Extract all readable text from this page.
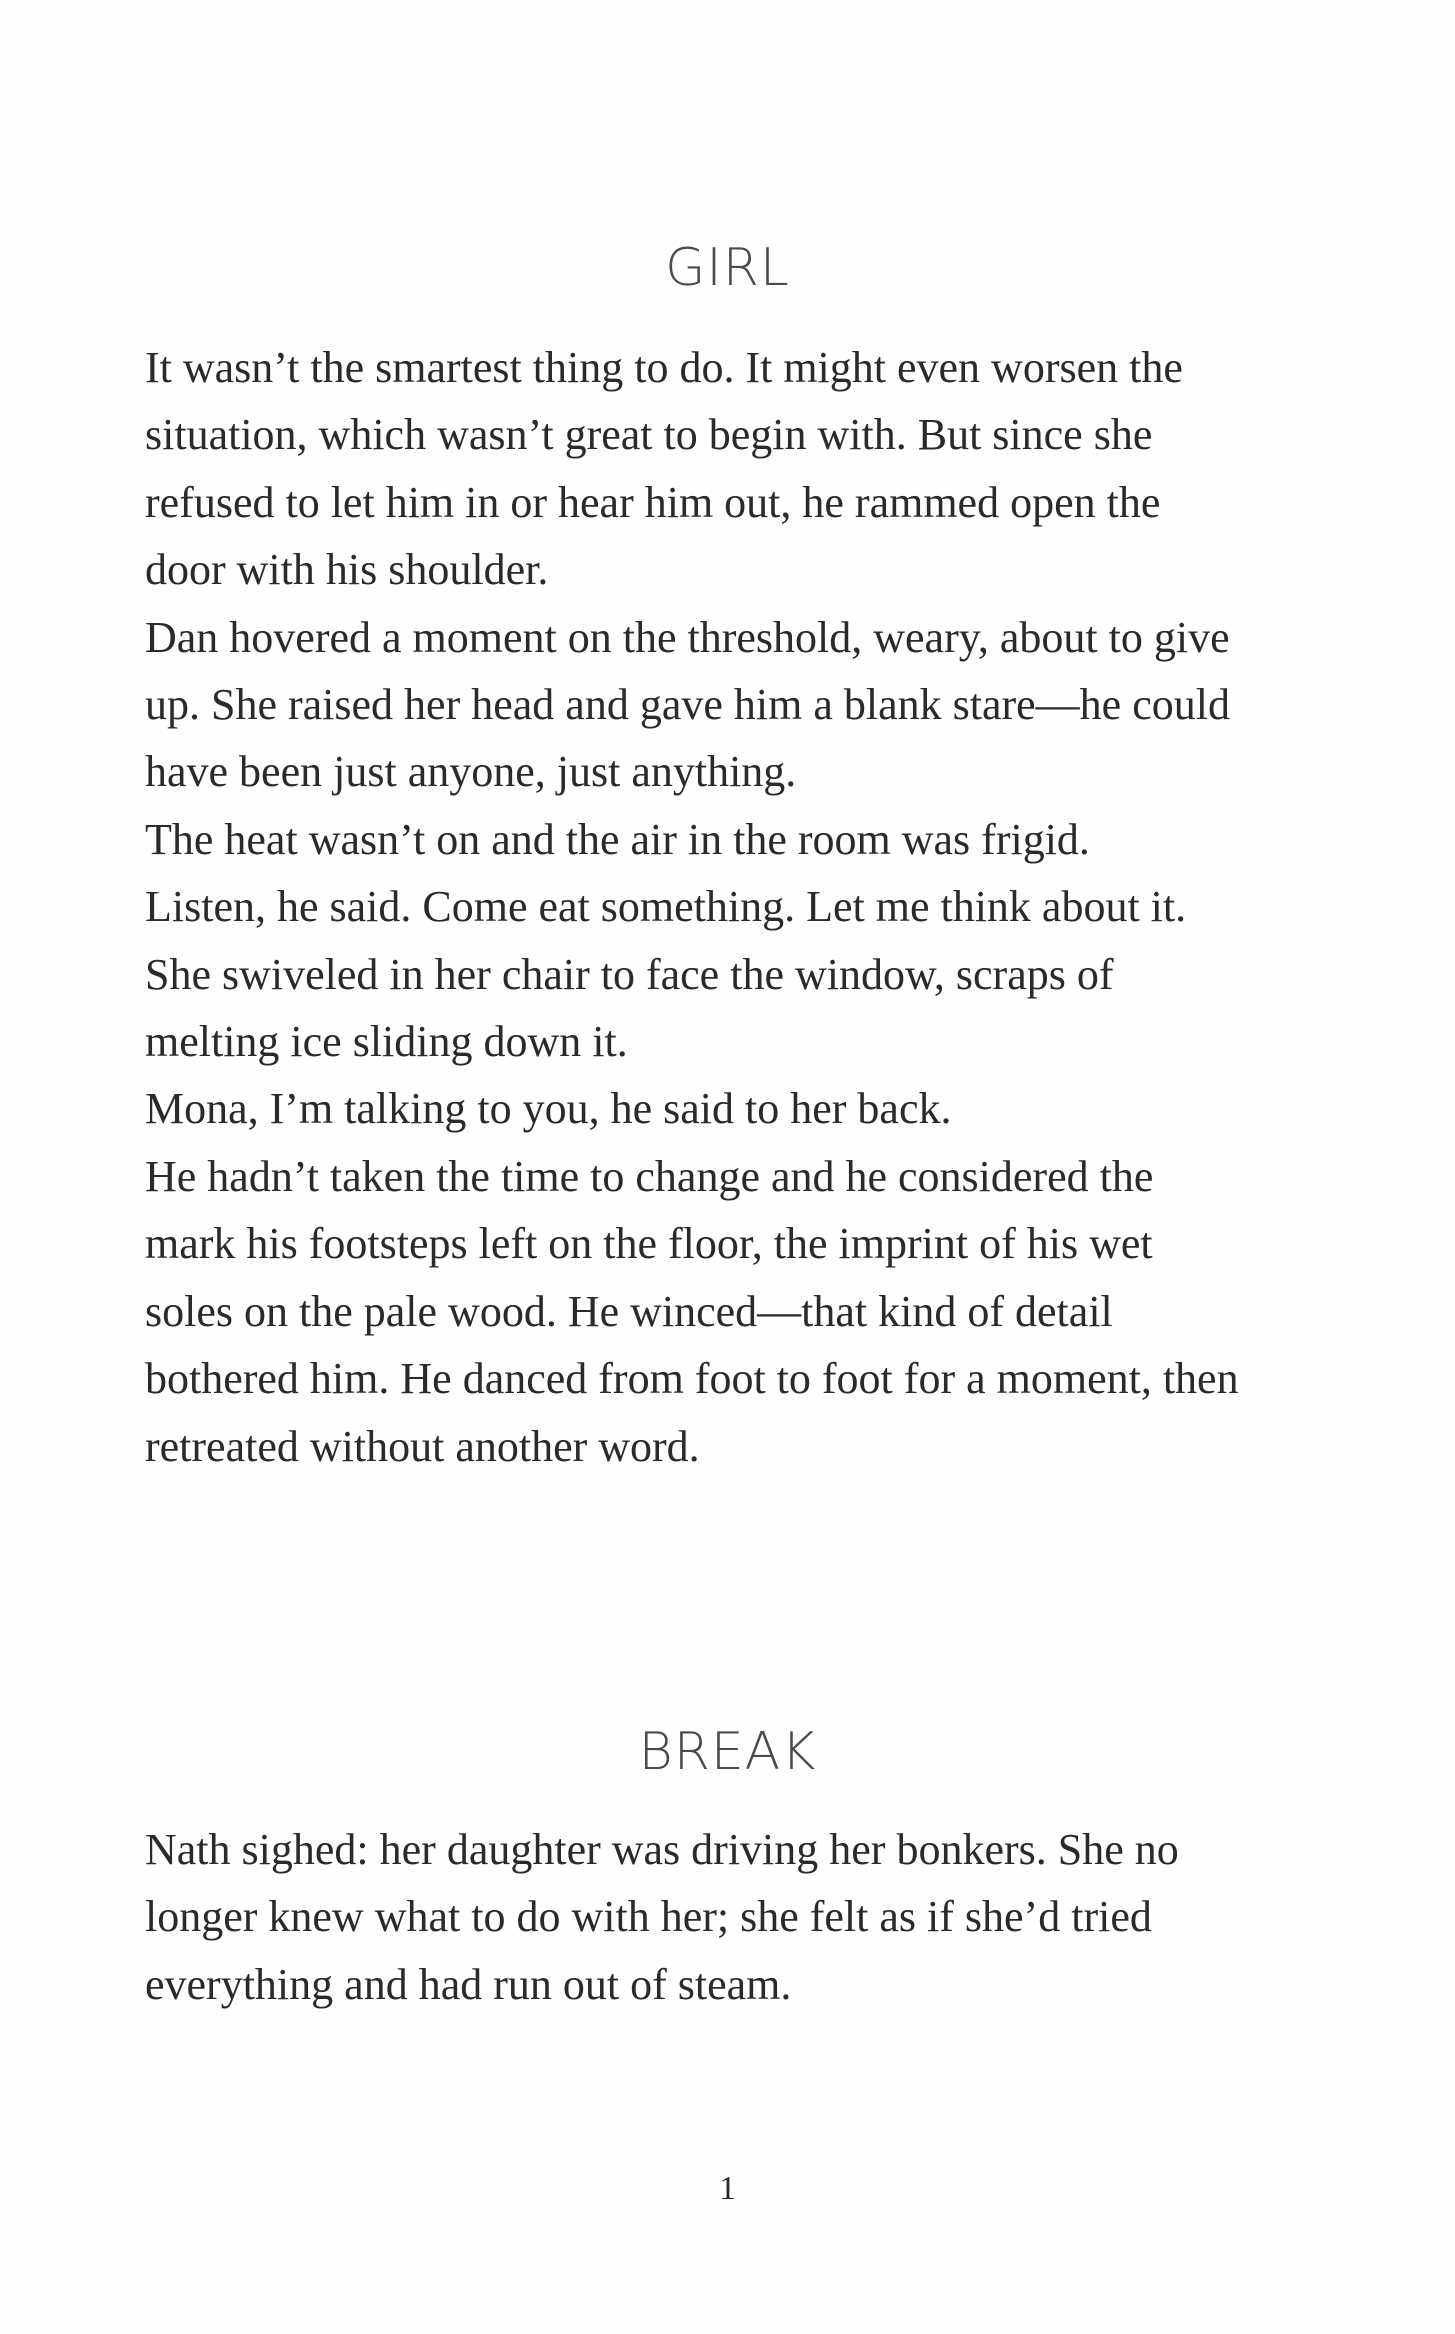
GIRL

It wasn’t the smartest thing to do. It might even worsen the situation, which wasn’t great to begin with. But since she refused to let him in or hear him out, he rammed open the door with his shoulder.

Dan hovered a moment on the threshold, weary, about to give up. She raised her head and gave him a blank stare—he could have been just anyone, just anything.

The heat wasn’t on and the air in the room was frigid.

Listen, he said. Come eat something. Let me think about it.

She swiveled in her chair to face the window, scraps of melting ice sliding down it.

Mona, I’m talking to you, he said to her back.

He hadn’t taken the time to change and he considered the mark his footsteps left on the floor, the imprint of his wet soles on the pale wood. He winced—that kind of detail bothered him. He danced from foot to foot for a moment, then retreated without another word.

BREAK

Nath sighed: her daughter was driving her bonkers. She no longer knew what to do with her; she felt as if she’d tried everything and had run out of steam.

1
